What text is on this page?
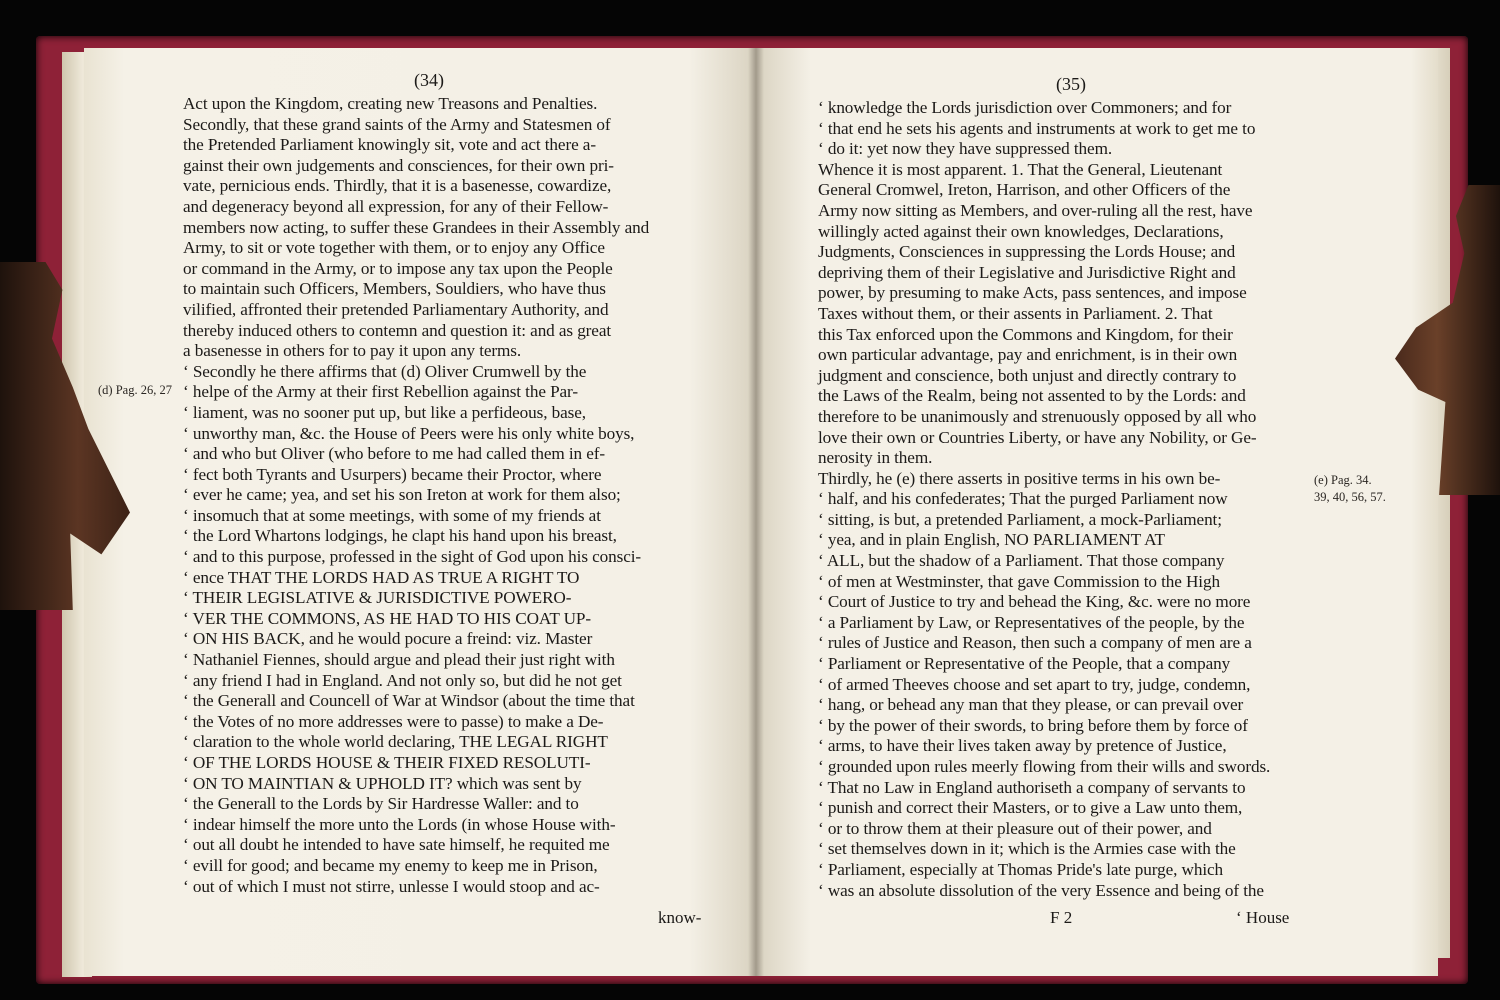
(34)	(35)
Act upon the Kingdom, creating new Treasons and Penalties.
Secondly, that these grand saints of the Army and Statesmen of
the Pretended Parliament knowingly sit, vote and act there a-
gainst their own judgements and consciences, for their own pri-
vate, pernicious ends. Thirdly, that it is a basenesse, cowardize,
and degeneracy beyond all expression, for any of their Fellow-
members now acting, to suffer these Grandees in their Assembly and
Army, to sit or vote together with them, or to enjoy any Office
or command in the Army, or to impose any tax upon the People
to maintain such Officers, Members, Souldiers, who have thus
vilified, affronted their pretended Parliamentary Authority, and
thereby induced others to contemn and question it: and as great
a basenesse in others for to pay it upon any terms.
‘ Secondly he there affirms that (d) Oliver Crumwell by the
‘ helpe of the Army at their first Rebellion against the Par-
‘ liament, was no sooner put up, but like a perfideous, base,
‘ unworthy man, &c. the House of Peers were his only white boys,
‘ and who but Oliver (who before to me had called them in ef-
‘ fect both Tyrants and Usurpers) became their Proctor, where
‘ ever he came; yea, and set his son Ireton at work for them also;
‘ insomuch that at some meetings, with some of my friends at
‘ the Lord Whartons lodgings, he clapt his hand upon his breast,
‘ and to this purpose, professed in the sight of God upon his consci-
‘ ence THAT THE LORDS HAD AS TRUE A RIGHT TO
‘ THEIR LEGISLATIVE & JURISDICTIVE POWERO-
‘ VER THE COMMONS, AS HE HAD TO HIS COAT UP-
‘ ON HIS BACK, and he would pocure a freind: viz. Master
‘ Nathaniel Fiennes, should argue and plead their just right with
‘ any friend I had in England. And not only so, but did he not get
‘ the Generall and Councell of War at Windsor (about the time that
‘ the Votes of no more addresses were to passe) to make a De-
‘ claration to the whole world declaring, THE LEGAL RIGHT
‘ OF THE LORDS HOUSE & THEIR FIXED RESOLUTI-
‘ ON TO MAINTIAN & UPHOLD IT? which was sent by
‘ the Generall to the Lords by Sir Hardresse Waller: and to
‘ indear himself the more unto the Lords (in whose House with-
‘ out all doubt he intended to have sate himself, he requited me
‘ evill for good; and became my enemy to keep me in Prison,
‘ out of which I must not stirre, unlesse I would stoop and ac-
‘ knowledge the Lords jurisdiction over Commoners; and for
‘ that end he sets his agents and instruments at work to get me to
‘ do it: yet now they have suppressed them.
Whence it is most apparent. 1. That the General, Lieutenant
General Cromwel, Ireton, Harrison, and other Officers of the
Army now sitting as Members, and over-ruling all the rest, have
willingly acted against their own knowledges, Declarations,
Judgments, Consciences in suppressing the Lords House; and
depriving them of their Legislative and Jurisdictive Right and
power, by presuming to make Acts, pass sentences, and impose
Taxes without them, or their assents in Parliament. 2. That
this Tax enforced upon the Commons and Kingdom, for their
own particular advantage, pay and enrichment, is in their own
judgment and conscience, both unjust and directly contrary to
the Laws of the Realm, being not assented to by the Lords: and
therefore to be unanimously and strenuously opposed by all who
love their own or Countries Liberty, or have any Nobility, or Ge-
nerosity in them.
Thirdly, he (e) there asserts in positive terms in his own be-
‘ half, and his confederates; That the purged Parliament now
‘ sitting, is but, a pretended Parliament, a mock-Parliament;
‘ yea, and in plain English, NO PARLIAMENT AT
‘ ALL, but the shadow of a Parliament. That those company
‘ of men at Westminster, that gave Commission to the High
‘ Court of Justice to try and behead the King, &c. were no more
‘ a Parliament by Law, or Representatives of the people, by the
‘ rules of Justice and Reason, then such a company of men are a
‘ Parliament or Representative of the People, that a company
‘ of armed Theeves choose and set apart to try, judge, condemn,
‘ hang, or behead any man that they please, or can prevail over
‘ by the power of their swords, to bring before them by force of
‘ arms, to have their lives taken away by pretence of Justice,
‘ grounded upon rules meerly flowing from their wills and swords.
‘ That no Law in England authoriseth a company of servants to
‘ punish and correct their Masters, or to give a Law unto them,
‘ or to throw them at their pleasure out of their power, and
‘ set themselves down in it; which is the Armies case with the
‘ Parliament, especially at Thomas Pride's late purge, which
‘ was an absolute dissolution of the very Essence and being of the
(d) Pag. 26, 27
(e) Pag. 34.
39, 40, 56, 57.
know-	F 2	‘ House
